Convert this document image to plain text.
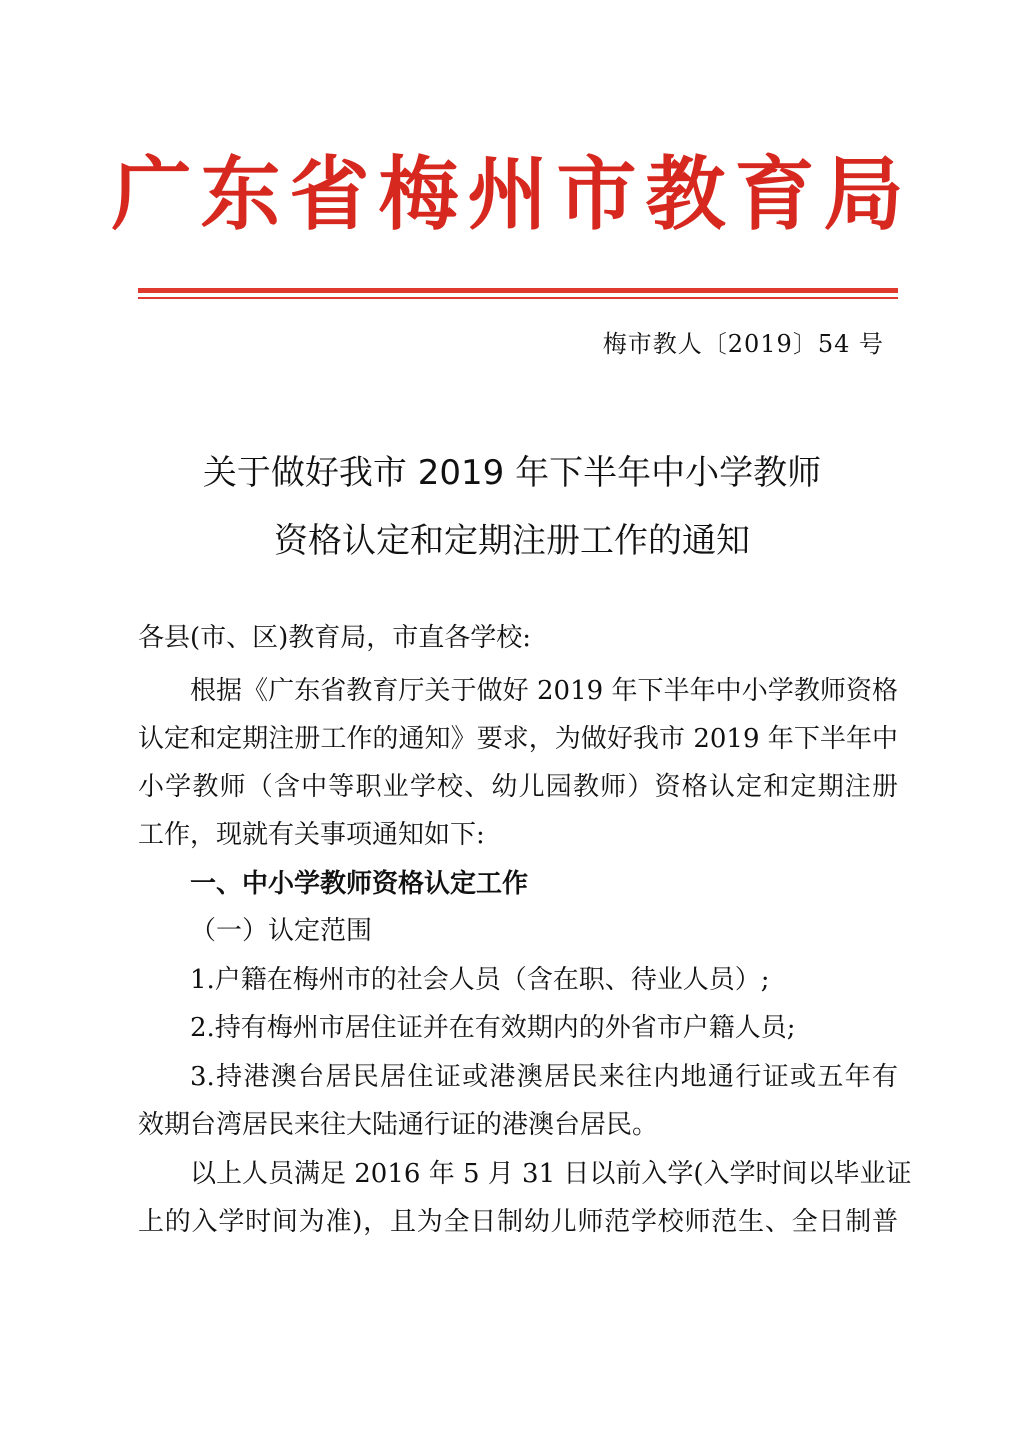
广东省梅州市教育局
梅市教人〔2019〕54 号
关于做好我市 2019 年下半年中小学教师
资格认定和定期注册工作的通知
各县(市、区)教育局，市直各学校:
根据《广东省教育厅关于做好 2019 年下半年中小学教师资格
认定和定期注册工作的通知》要求，为做好我市 2019 年下半年中
小学教师（含中等职业学校、幼儿园教师）资格认定和定期注册
工作，现就有关事项通知如下:
一、中小学教师资格认定工作
（一）认定范围
1.户籍在梅州市的社会人员（含在职、待业人员）;
2.持有梅州市居住证并在有效期内的外省市户籍人员;
3.持港澳台居民居住证或港澳居民来往内地通行证或五年有
效期台湾居民来往大陆通行证的港澳台居民。
以上人员满足 2016 年 5 月 31 日以前入学(入学时间以毕业证
上的入学时间为准)，且为全日制幼儿师范学校师范生、全日制普
